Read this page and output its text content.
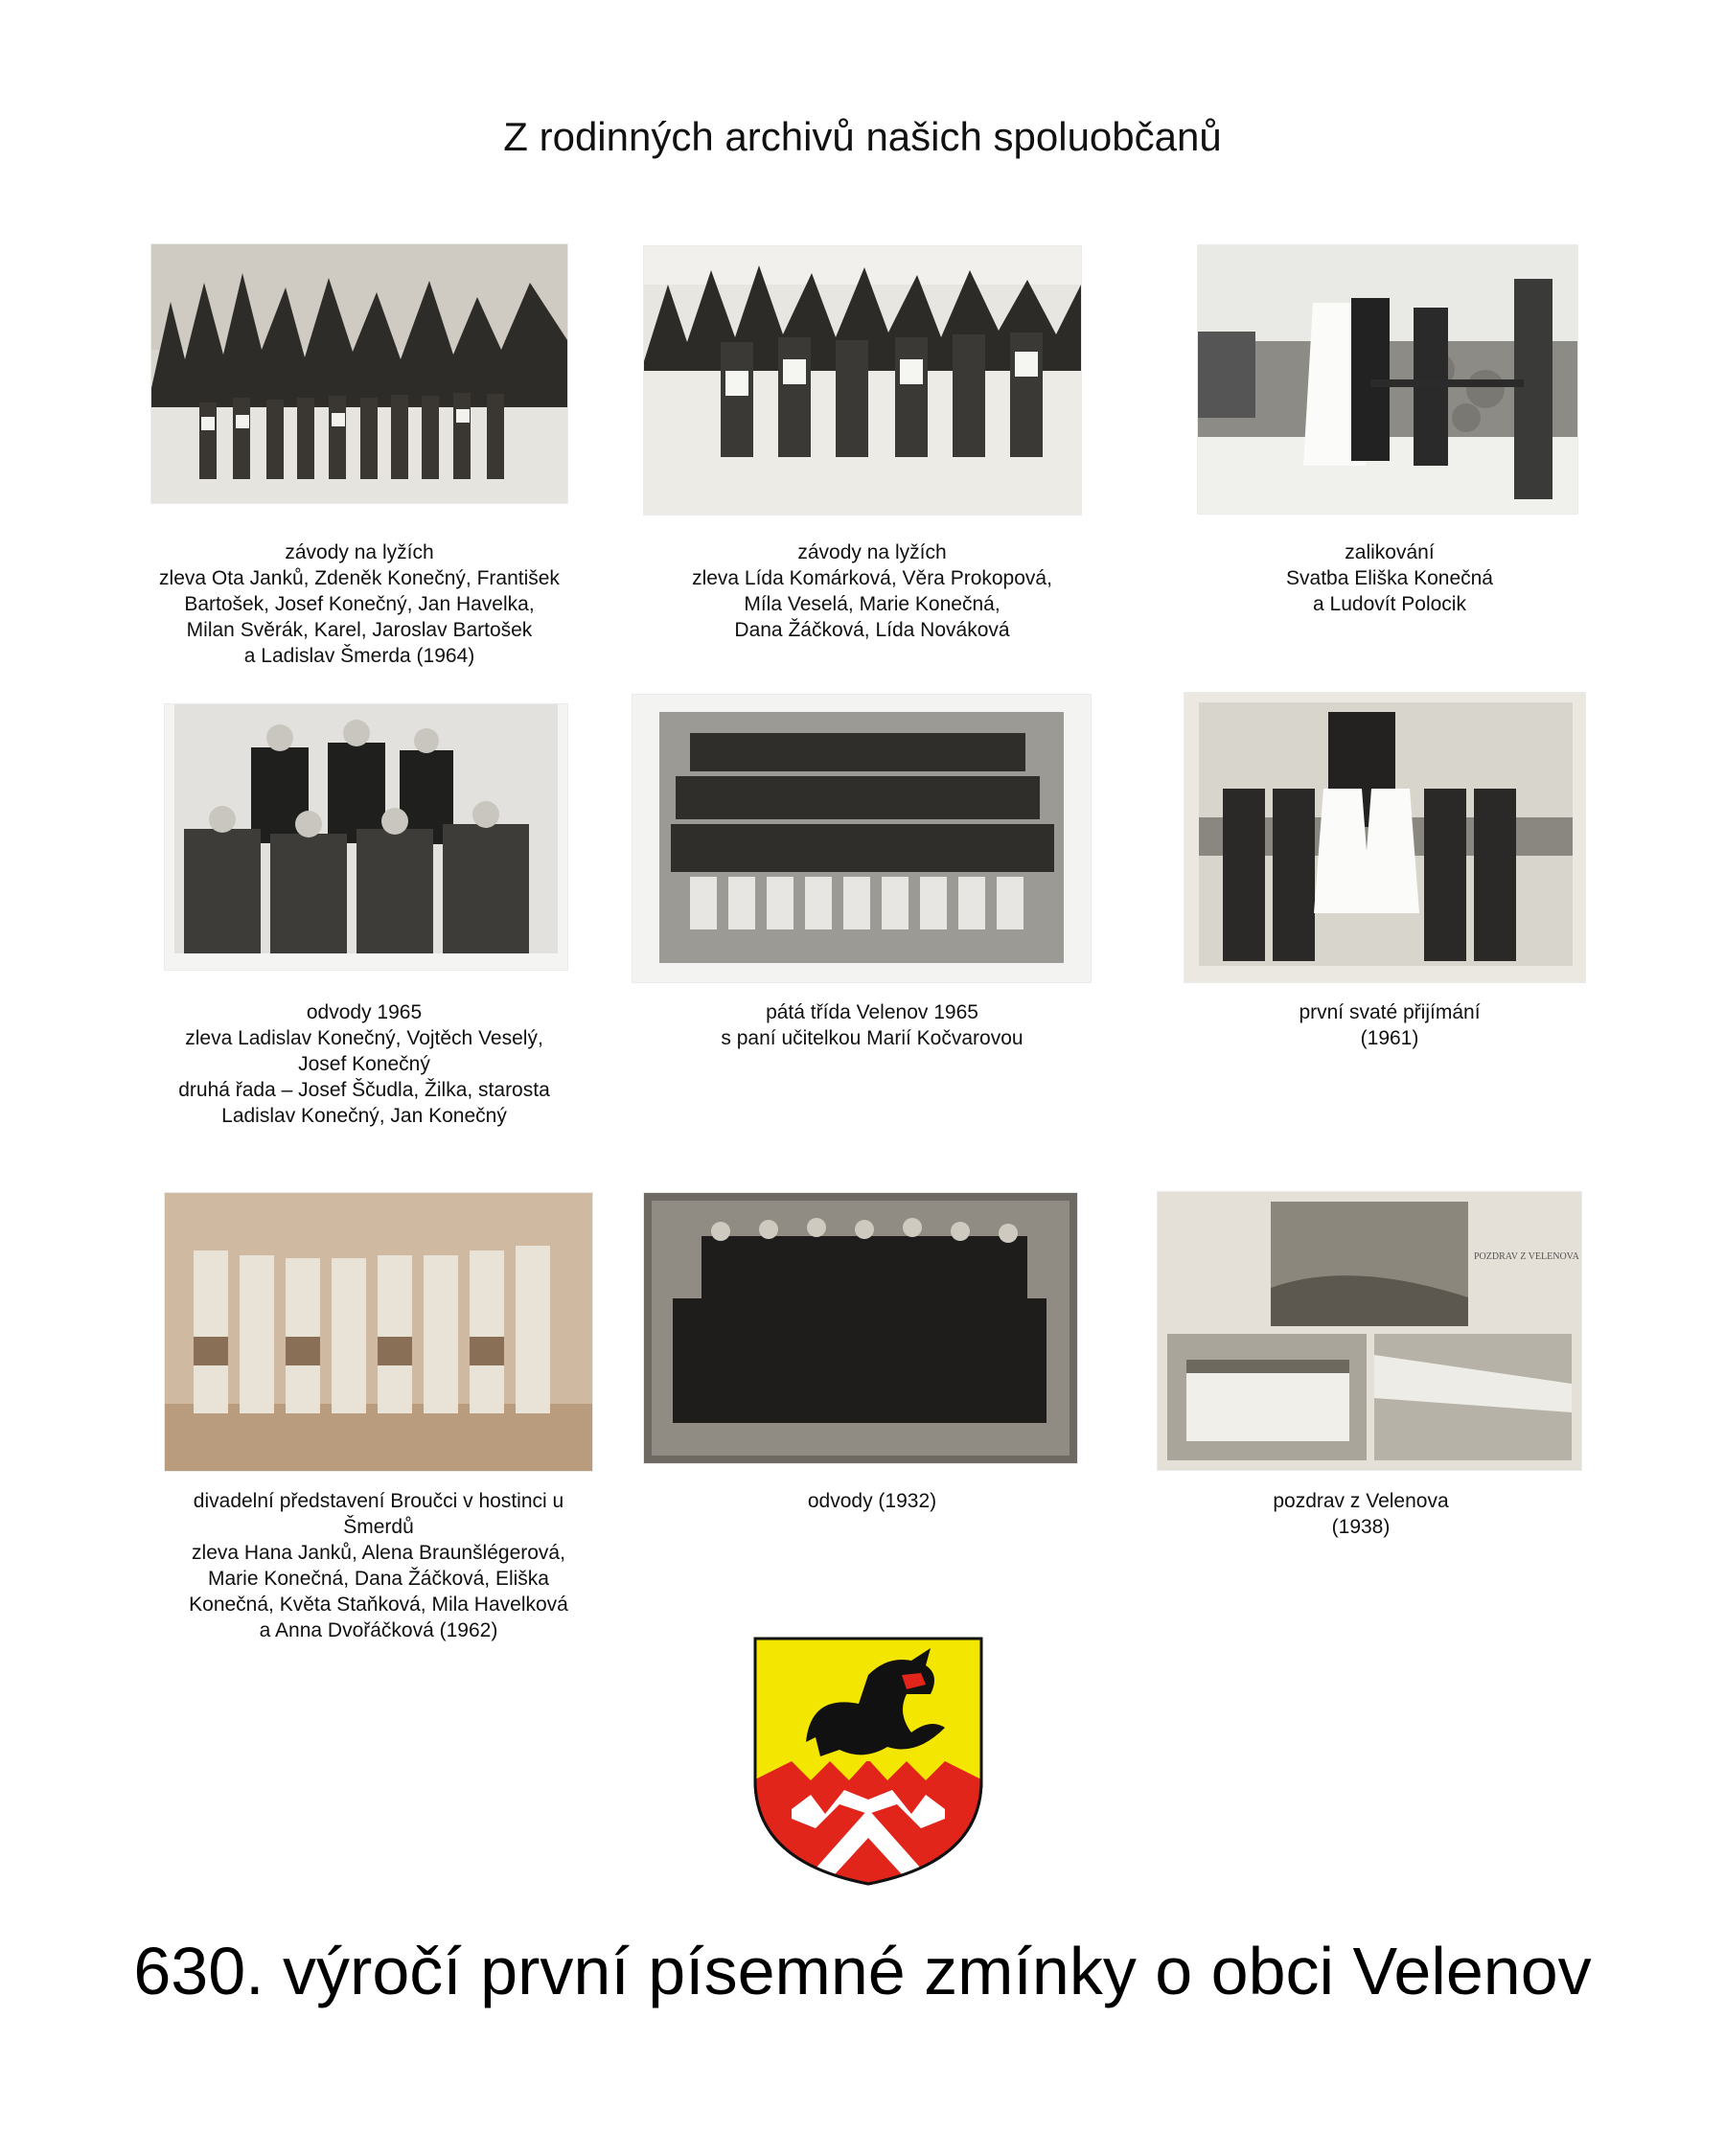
Z rodinných archivů našich spoluobčanů
POZDRAV Z VELENOVA
závody na lyžích
zleva Ota Janků, Zdeněk Konečný, František
Bartošek, Josef Konečný, Jan Havelka,
Milan Svěrák, Karel, Jaroslav Bartošek
a Ladislav Šmerda (1964)
závody na lyžích
zleva Lída Komárková, Věra Prokopová,
Míla Veselá, Marie Konečná,
Dana Žáčková, Lída Nováková
zalikování
Svatba Eliška Konečná
a Ludovít Polocik
odvody 1965
zleva Ladislav Konečný, Vojtěch Veselý,
Josef Konečný
druhá řada – Josef Ščudla, Žilka, starosta
Ladislav Konečný, Jan Konečný
pátá třída Velenov 1965
s paní učitelkou Marií Kočvarovou
první svaté přijímání
(1961)
divadelní představení Broučci v hostinci u
Šmerdů
zleva Hana Janků, Alena Braunšlégerová,
Marie Konečná, Dana Žáčková, Eliška
Konečná, Květa Staňková, Mila Havelková
a Anna Dvořáčková (1962)
odvody (1932)	pozdrav z Velenova
(1938)
630. výročí první písemné zmínky o obci Velenov
